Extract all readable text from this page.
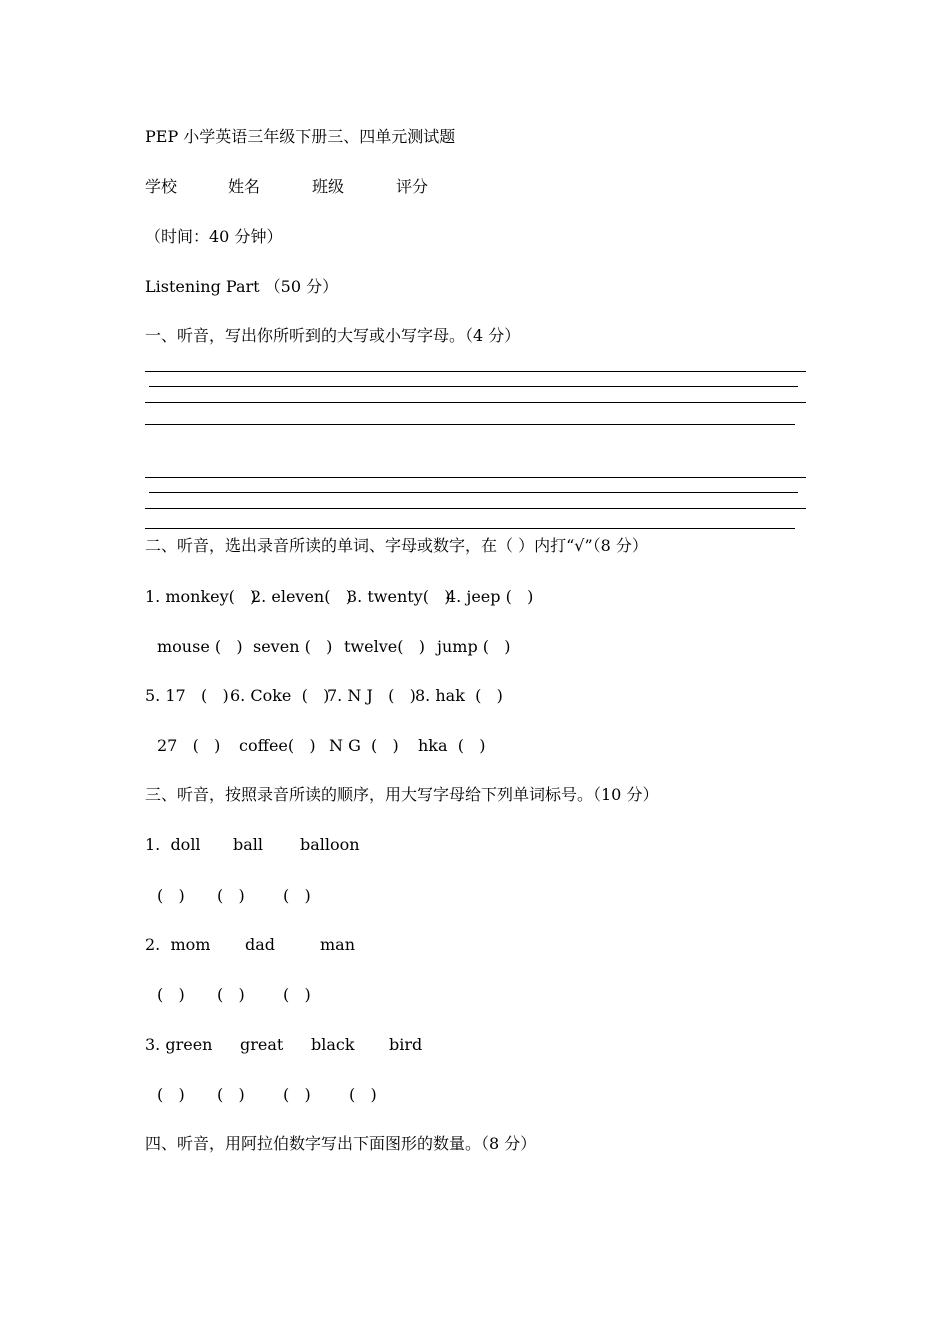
PEP 小学英语三年级下册三、四单元测试题
学校	姓名	班级	评分
（时间：40 分钟）
Listening Part （50 分）
一、听音，写出你所听到的大写或小写字母。（4 分）
二、听音，选出录音所读的单词、字母或数字，在（ ）内打“√”（8 分）
1. monkey(   )
2. eleven(   )
3. twenty(   )
4. jeep (   )
mouse (   ) seven (   ) twelve(   ) jump (   )
5. 17   (   ) 6. Coke  (   )
7. N J   (   ) 8. hak  (   )
27   (   ) coffee(   ) N G  (   ) hka  (   )
三、听音，按照录音所读的顺序，用大写字母给下列单词标号。（10 分）
1.  doll ball balloon
(   ) (   ) (   )
2.  mom dad	man
(   ) (   ) (   )
3. green great black bird
(   ) (   ) (   ) (   )
四、听音，用阿拉伯数字写出下面图形的数量。（8 分）
